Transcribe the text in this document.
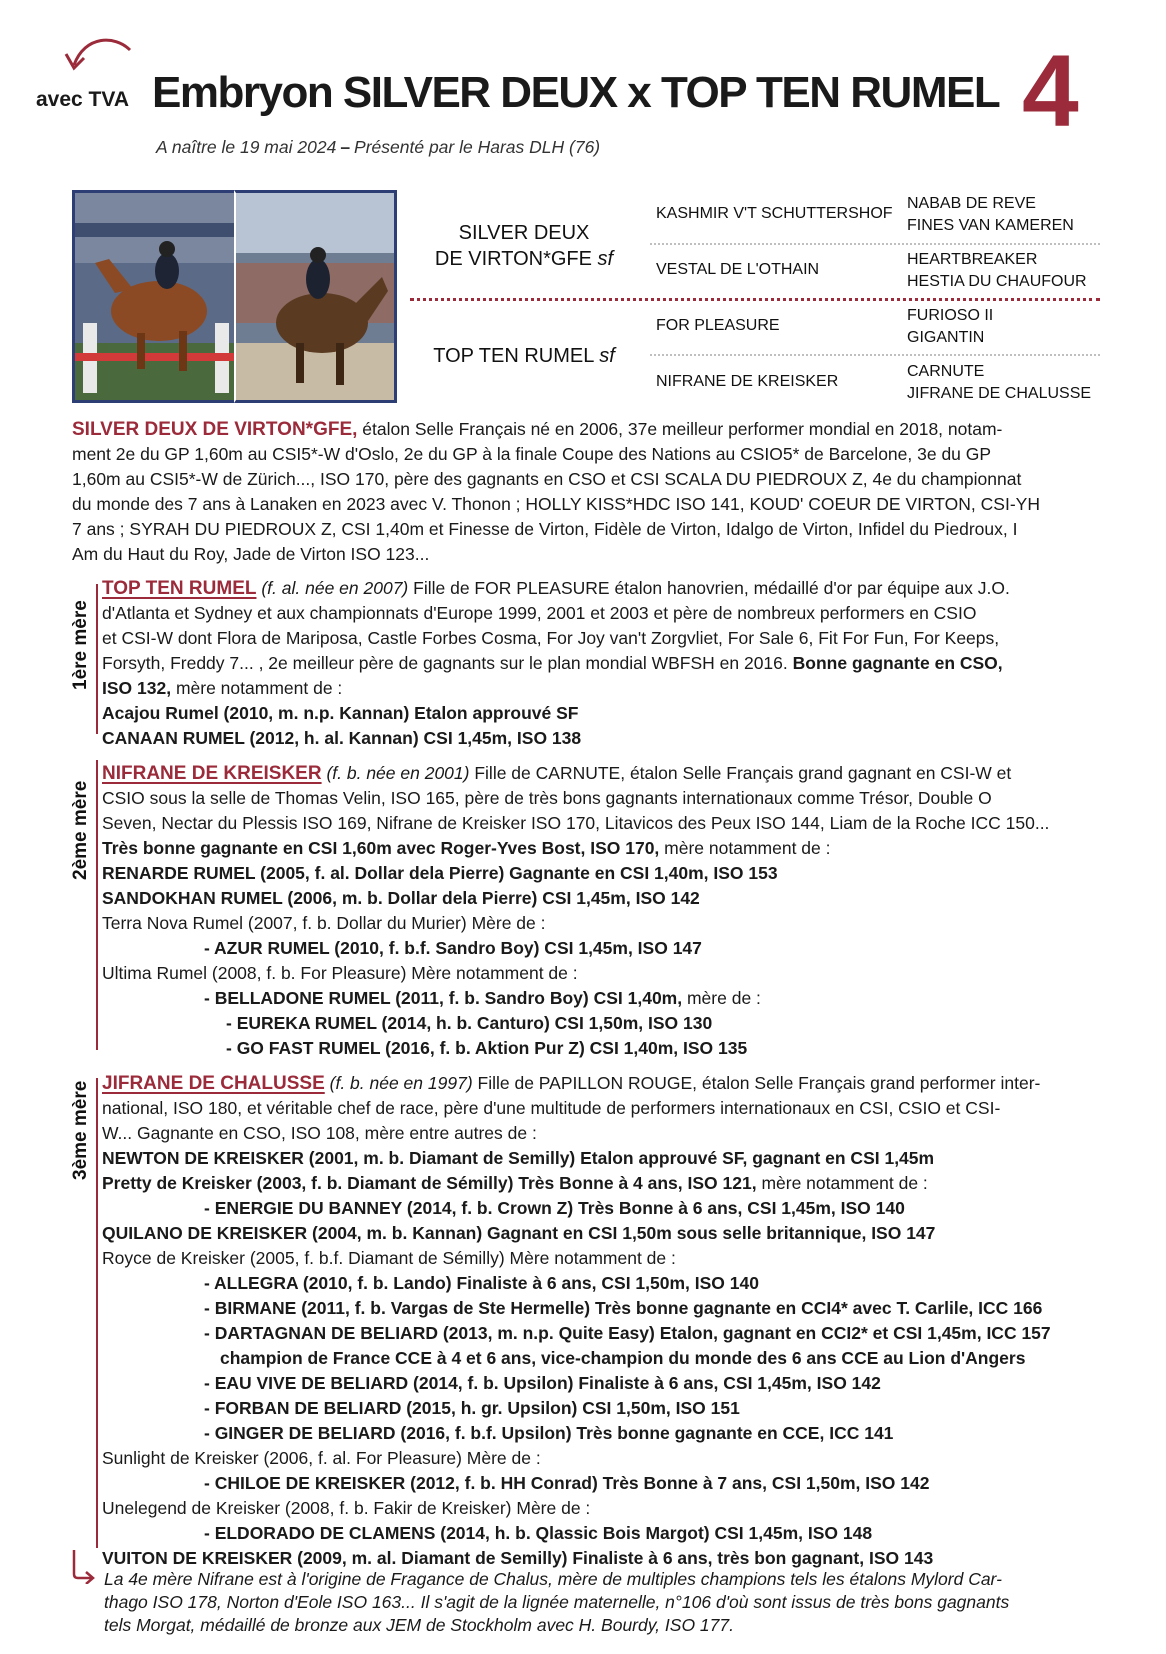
avec TVA Embryon SILVER DEUX x TOP TEN RUMEL 4
A naître le 19 mai 2024 – Présenté par le Haras DLH (76)
SILVER DEUX
DE VIRTON*GFE sf
TOP TEN RUMEL sf
KASHMIR V'T SCHUTTERSHOF
VESTAL DE L'OTHAIN
FOR PLEASURE
NIFRANE DE KREISKER
NABAB DE REVE
FINES VAN KAMEREN
HEARTBREAKER
HESTIA DU CHAUFOUR
FURIOSO II
GIGANTIN
CARNUTE
JIFRANE DE CHALUSSE
SILVER DEUX DE VIRTON*GFE, étalon Selle Français né en 2006, 37e meilleur performer mondial en 2018, notam-
ment 2e du GP 1,60m au CSI5*-W d'Oslo, 2e du GP à la finale Coupe des Nations au CSIO5* de Barcelone, 3e du GP
1,60m au CSI5*-W de Zürich..., ISO 170, père des gagnants en CSO et CSI SCALA DU PIEDROUX Z, 4e du championnat
du monde des 7 ans à Lanaken en 2023 avec V. Thonon ; HOLLY KISS*HDC ISO 141, KOUD' COEUR DE VIRTON, CSI-YH
7 ans ; SYRAH DU PIEDROUX Z, CSI 1,40m et Finesse de Virton, Fidèle de Virton, Idalgo de Virton, Infidel du Piedroux, I
Am du Haut du Roy, Jade de Virton ISO 123...
1ère mère
TOP TEN RUMEL (f. al. née en 2007) Fille de FOR PLEASURE étalon hanovrien, médaillé d'or par équipe aux J.O.
d'Atlanta et Sydney et aux championnats d'Europe 1999, 2001 et 2003 et père de nombreux performers en CSIO
et CSI-W dont Flora de Mariposa, Castle Forbes Cosma, For Joy van't Zorgvliet, For Sale 6, Fit For Fun, For Keeps,
Forsyth, Freddy 7... , 2e meilleur père de gagnants sur le plan mondial WBFSH en 2016. Bonne gagnante en CSO,
ISO 132, mère notamment de :
Acajou Rumel (2010, m. n.p. Kannan) Etalon approuvé SF
CANAAN RUMEL (2012, h. al. Kannan) CSI 1,45m, ISO 138
2ème mère
NIFRANE DE KREISKER (f. b. née en 2001) Fille de CARNUTE, étalon Selle Français grand gagnant en CSI-W et
CSIO sous la selle de Thomas Velin, ISO 165, père de très bons gagnants internationaux comme Trésor, Double O
Seven, Nectar du Plessis ISO 169, Nifrane de Kreisker ISO 170, Litavicos des Peux ISO 144, Liam de la Roche ICC 150...
Très bonne gagnante en CSI 1,60m avec Roger-Yves Bost, ISO 170, mère notamment de :
RENARDE RUMEL (2005, f. al. Dollar dela Pierre) Gagnante en CSI 1,40m, ISO 153
SANDOKHAN RUMEL (2006, m. b. Dollar dela Pierre) CSI 1,45m, ISO 142
Terra Nova Rumel (2007, f. b. Dollar du Murier) Mère de :
- AZUR RUMEL (2010, f. b.f. Sandro Boy) CSI 1,45m, ISO 147
Ultima Rumel (2008, f. b. For Pleasure) Mère notamment de :
- BELLADONE RUMEL (2011, f. b. Sandro Boy) CSI 1,40m, mère de :
- EUREKA RUMEL (2014, h. b. Canturo) CSI 1,50m, ISO 130
- GO FAST RUMEL (2016, f. b. Aktion Pur Z) CSI 1,40m, ISO 135
3ème mère JIFRANE DE CHALUSSE (f. b. née en 1997) Fille de PAPILLON ROUGE, étalon Selle Français grand performer inter-
national, ISO 180, et véritable chef de race, père d'une multitude de performers internationaux en CSI, CSIO et CSI-
W... Gagnante en CSO, ISO 108, mère entre autres de :
NEWTON DE KREISKER (2001, m. b. Diamant de Semilly) Etalon approuvé SF, gagnant en CSI 1,45m
Pretty de Kreisker (2003, f. b. Diamant de Sémilly) Très Bonne à 4 ans, ISO 121, mère notamment de :
- ENERGIE DU BANNEY (2014, f. b. Crown Z) Très Bonne à 6 ans, CSI 1,45m, ISO 140
QUILANO DE KREISKER (2004, m. b. Kannan) Gagnant en CSI 1,50m sous selle britannique, ISO 147
Royce de Kreisker (2005, f. b.f. Diamant de Sémilly) Mère notamment de :
- ALLEGRA (2010, f. b. Lando) Finaliste à 6 ans, CSI 1,50m, ISO 140
- BIRMANE (2011, f. b. Vargas de Ste Hermelle) Très bonne gagnante en CCI4* avec T. Carlile, ICC 166
- DARTAGNAN DE BELIARD (2013, m. n.p. Quite Easy) Etalon, gagnant en CCI2* et CSI 1,45m, ICC 157
champion de France CCE à 4 et 6 ans, vice-champion du monde des 6 ans CCE au Lion d'Angers
- EAU VIVE DE BELIARD (2014, f. b. Upsilon) Finaliste à 6 ans, CSI 1,45m, ISO 142
- FORBAN DE BELIARD (2015, h. gr. Upsilon) CSI 1,50m, ISO 151
- GINGER DE BELIARD (2016, f. b.f. Upsilon) Très bonne gagnante en CCE, ICC 141
Sunlight de Kreisker (2006, f. al. For Pleasure) Mère de :
- CHILOE DE KREISKER (2012, f. b. HH Conrad) Très Bonne à 7 ans, CSI 1,50m, ISO 142
Unelegend de Kreisker (2008, f. b. Fakir de Kreisker) Mère de :
- ELDORADO DE CLAMENS (2014, h. b. Qlassic Bois Margot) CSI 1,45m, ISO 148
VUITON DE KREISKER (2009, m. al. Diamant de Semilly) Finaliste à 6 ans, très bon gagnant, ISO 143
La 4e mère Nifrane est à l'origine de Fragance de Chalus, mère de multiples champions tels les étalons Mylord Car-
thago ISO 178, Norton d'Eole ISO 163... Il s'agit de la lignée maternelle, n°106 d'où sont issus de très bons gagnants
tels Morgat, médaillé de bronze aux JEM de Stockholm avec H. Bourdy, ISO 177.
